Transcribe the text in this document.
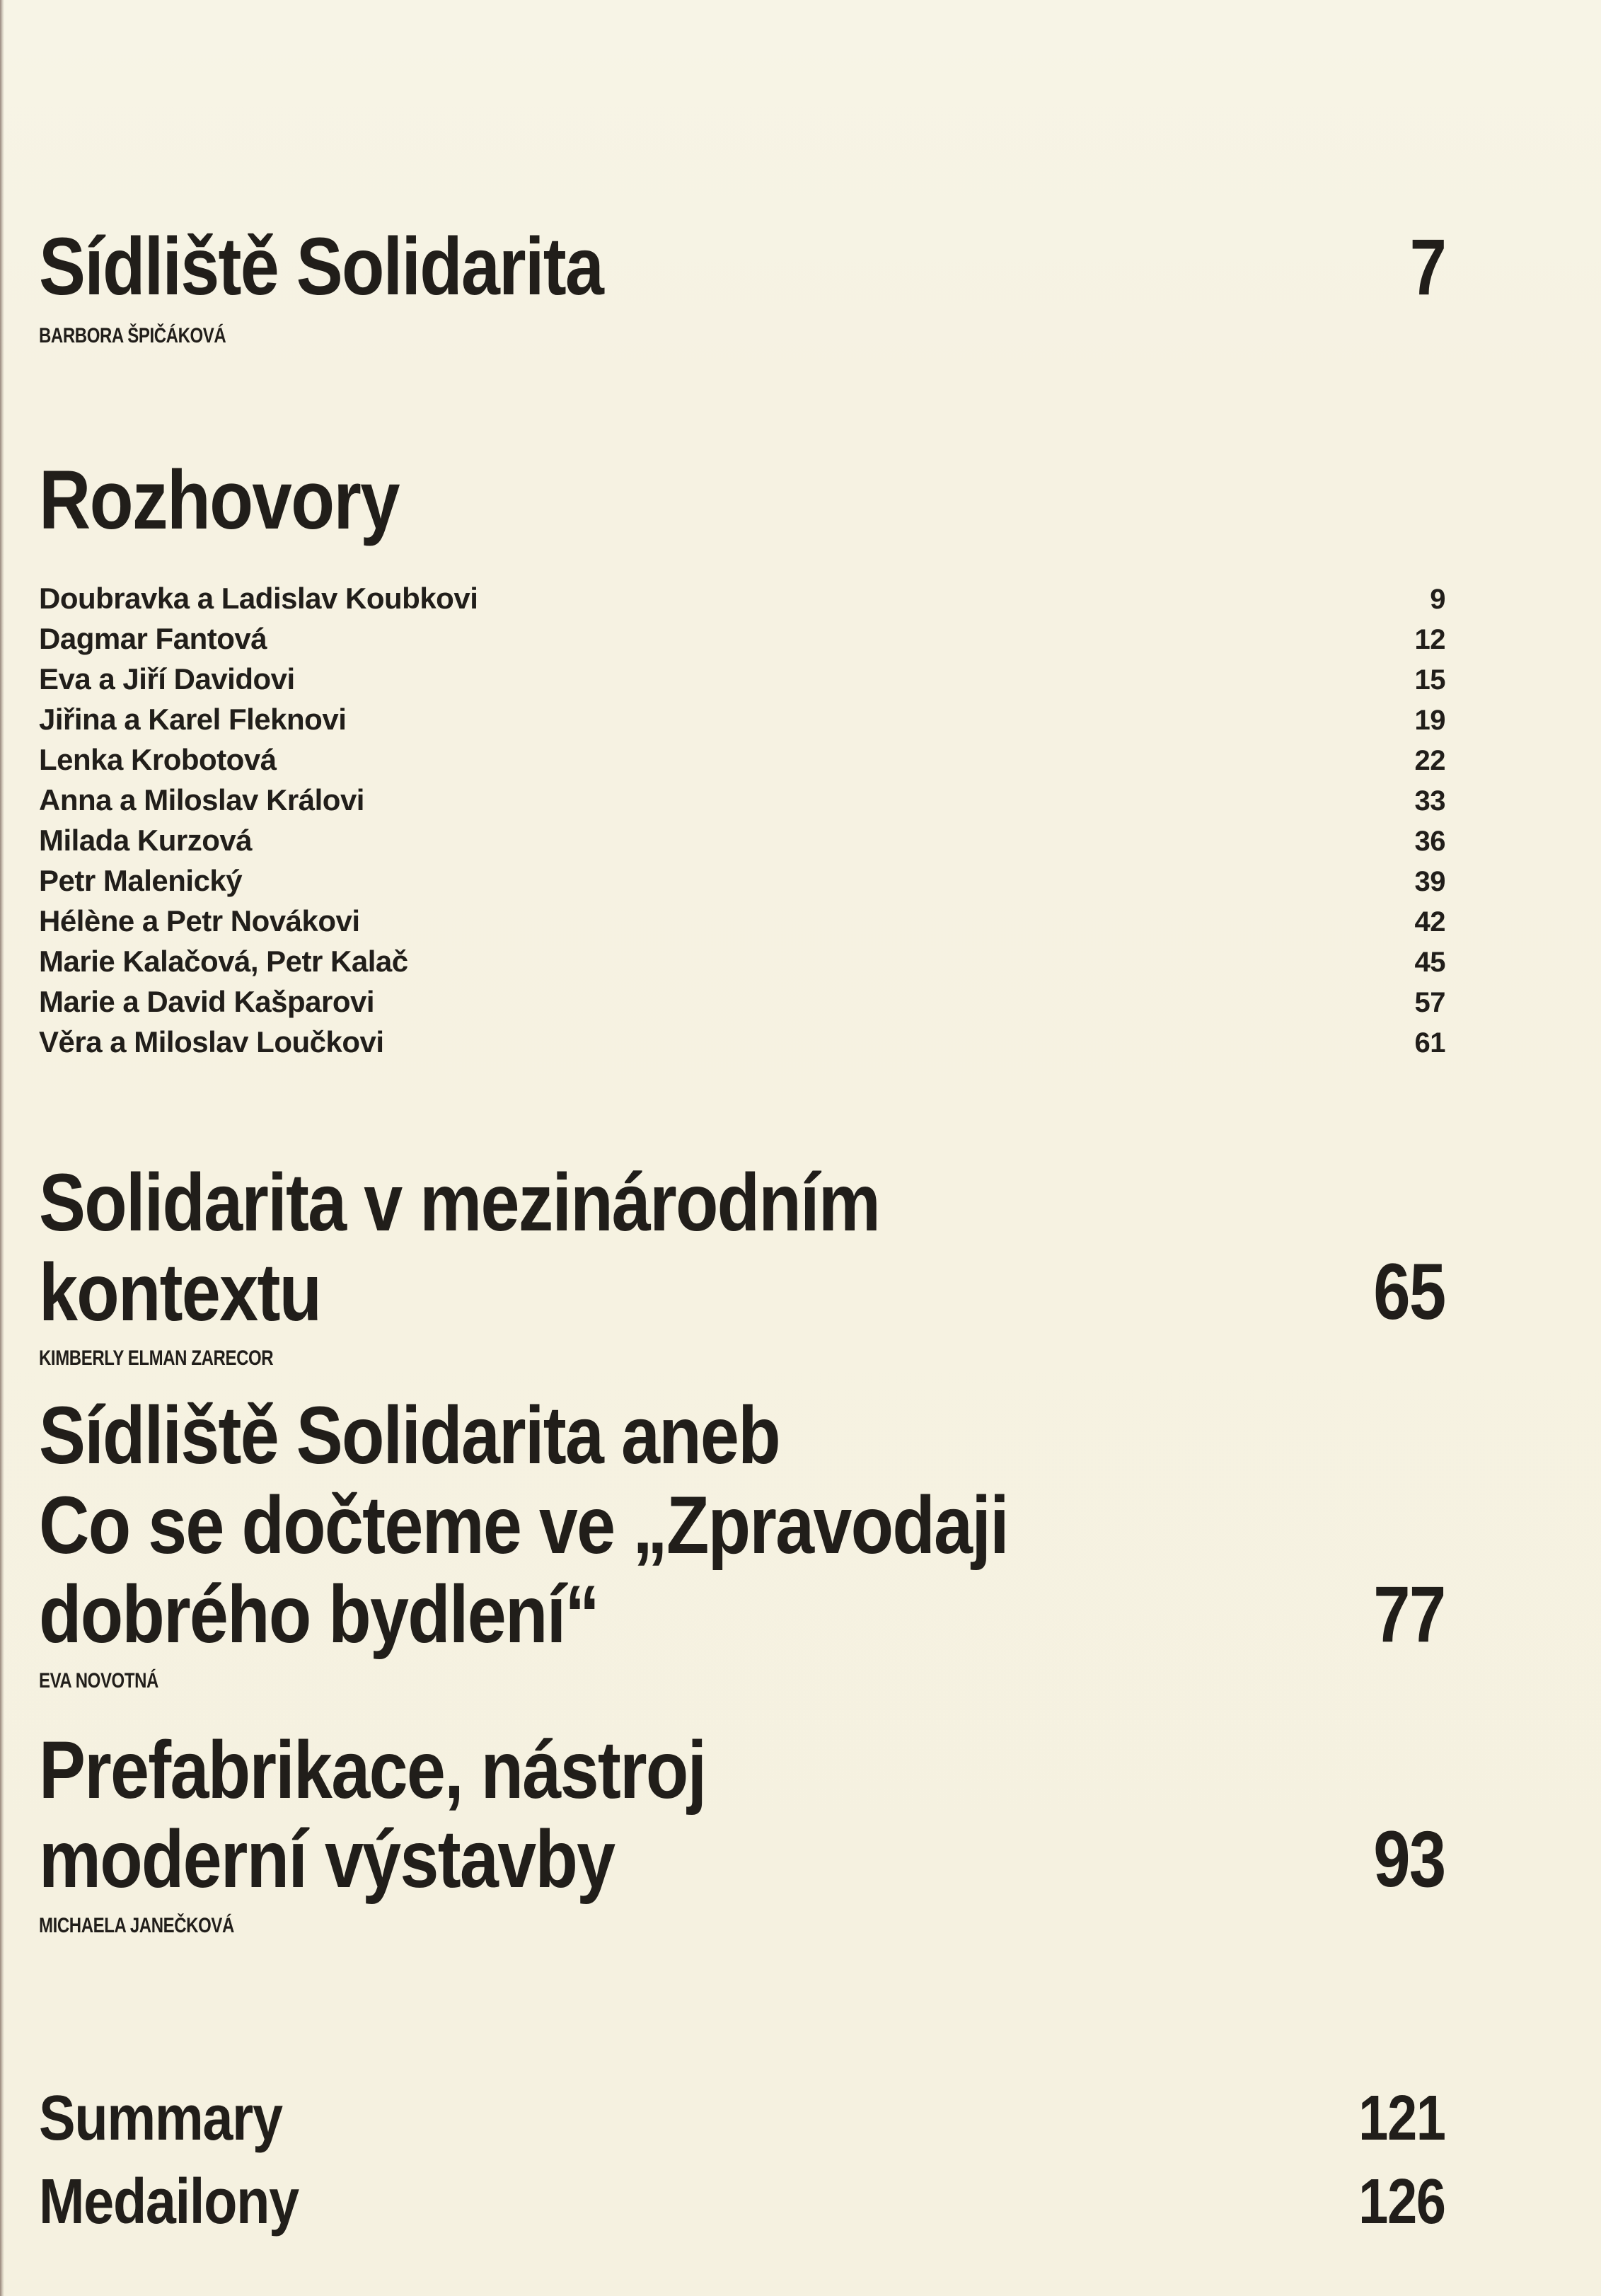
Sídliště Solidarita	7
BARBORA ŠPIČÁKOVÁ
Rozhovory
Doubravka a Ladislav Koubkovi	9
Dagmar Fantová	12
Eva a Jiří Davidovi	15
Jiřina a Karel Fleknovi	19
Lenka Krobotová	22
Anna a Miloslav Královi	33
Milada Kurzová	36
Petr Malenický	39
Hélène a Petr Novákovi	42
Marie Kalačová, Petr Kalač	45
Marie a David Kašparovi	57
Věra a Miloslav Loučkovi	61
Solidarita v mezinárodním
kontextu	65
KIMBERLY ELMAN ZARECOR
Sídliště Solidarita aneb
Co se dočteme ve „Zpravodaji
dobrého bydlení“	77
EVA NOVOTNÁ
Prefabrikace, nástroj
moderní výstavby	93
MICHAELA JANEČKOVÁ
Summary	121
Medailony	126
